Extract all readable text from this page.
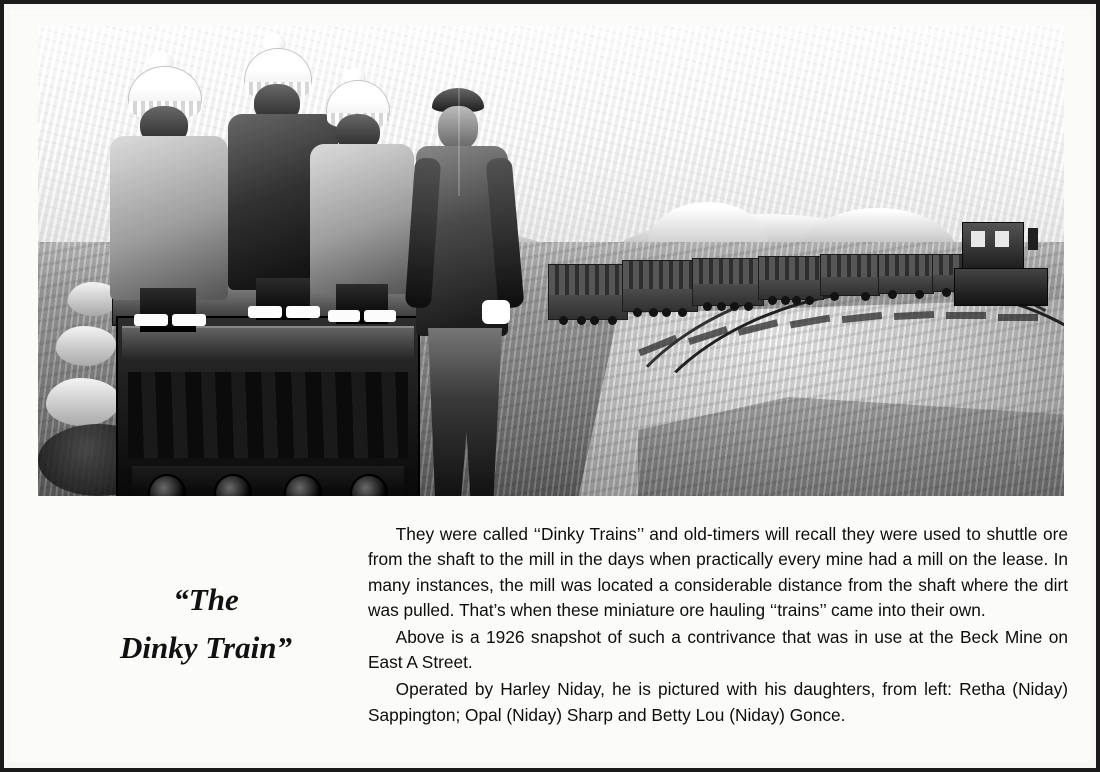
“The
Dinky Train”

They were called ‘‘Dinky Trains’’ and old-timers will recall they were used to shuttle ore from the shaft to the mill in the days when practically every mine had a mill on the lease. In many instances, the mill was located a considerable distance from the shaft where the dirt was pulled. That’s when these miniature ore hauling ‘‘trains’’ came into their own.

Above is a 1926 snapshot of such a contrivance that was in use at the Beck Mine on East A Street.

Operated by Harley Niday, he is pictured with his daughters, from left: Retha (Niday) Sappington; Opal (Niday) Sharp and Betty Lou (Niday) Gonce.
